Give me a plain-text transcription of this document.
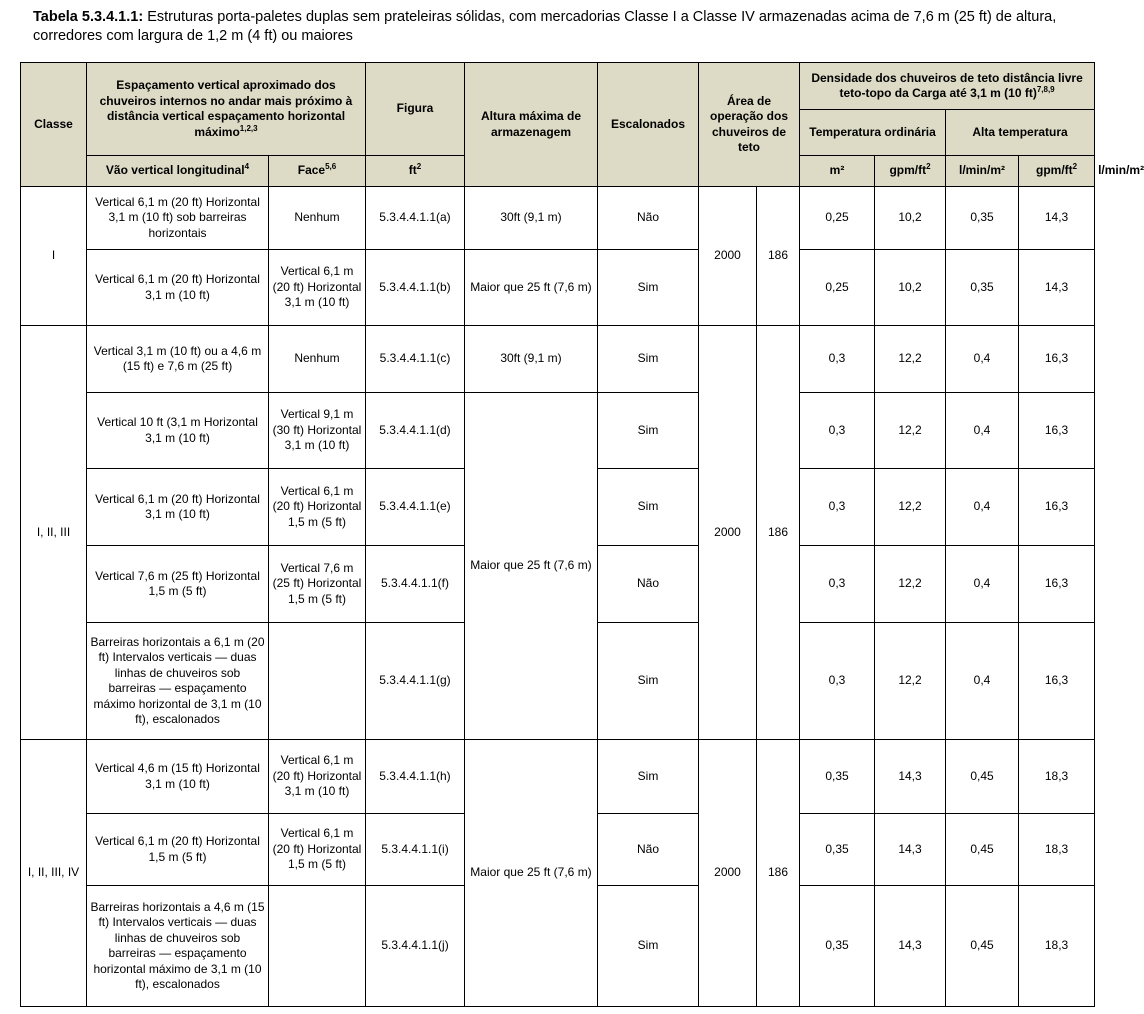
Tabela 5.3.4.1.1: Estruturas porta-paletes duplas sem prateleiras sólidas, com mercadorias Classe I a Classe IV armazenadas acima de 7,6 m (25 ft) de altura, corredores com largura de 1,2 m (4 ft) ou maiores
Classe	Espaçamento vertical aproximado dos chuveiros internos no andar mais próximo à distância vertical espaçamento horizontal máximo$^{1,2,3}$		Figura	Altura máxima de armazenagem	Escalonados	Área de operação dos chuveiros de teto		Densidade dos chuveiros de teto distância livre teto-topo da Carga até 3,1 m (10 ft)$^{7,8,9}$
								Temperatura ordinária		Alta temperatura		
	Vão vertical longitudinal$^4$	Face$^{5,6}$	$ft^2$					m²	gpm/$ft^2$	l/min/m²	gpm/$ft^2$	l/min/m²
I	Vertical 6,1 m (20 ft) Horizontal 3,1 m (10 ft) sob barreiras horizontais	Nenhum	5.3.4.4.1.1(a)	30ft (9,1 m)	Não	2000	186	0,25	10,2	0,35	14,3	
	Vertical 6,1 m (20 ft) Horizontal 3,1 m (10 ft)	Vertical 6,1 m (20 ft) Horizontal 3,1 m (10 ft)	5.3.4.4.1.1(b)	Maior que 25 ft (7,6 m)	Sim			0,25	10,2	0,35	14,3	
I, II, III	Vertical 3,1 m (10 ft) ou a 4,6 m (15 ft) e 7,6 m (25 ft)	Nenhum	5.3.4.4.1.1(c)	30ft (9,1 m)	Sim	2000	186	0,3	12,2	0,4	16,3	
	Vertical 10 ft (3,1 m Horizontal 3,1 m (10 ft)	Vertical 9,1 m (30 ft) Horizontal 3,1 m (10 ft)	5.3.4.4.1.1(d)	Maior que 25 ft (7,6 m)	Sim			0,3	12,2	0,4	16,3	
	Vertical 6,1 m (20 ft) Horizontal 3,1 m (10 ft)	Vertical 6,1 m (20 ft) Horizontal 1,5 m (5 ft)	5.3.4.4.1.1(e)		Sim			0,3	12,2	0,4	16,3	
	Vertical 7,6 m (25 ft) Horizontal 1,5 m (5 ft)	Vertical 7,6 m (25 ft) Horizontal 1,5 m (5 ft)	5.3.4.4.1.1(f)		Não			0,3	12,2	0,4	16,3	
	Barreiras horizontais a 6,1 m (20 ft) Intervalos verticais — duas linhas de chuveiros sob barreiras — espaçamento máximo horizontal de 3,1 m (10 ft), escalonados		5.3.4.4.1.1(g)		Sim			0,3	12,2	0,4	16,3	
I, II, III, IV	Vertical 4,6 m (15 ft) Horizontal 3,1 m (10 ft)	Vertical 6,1 m (20 ft) Horizontal 3,1 m (10 ft)	5.3.4.4.1.1(h)	Maior que 25 ft (7,6 m)	Sim	2000	186	0,35	14,3	0,45	18,3	
	Vertical 6,1 m (20 ft) Horizontal 1,5 m (5 ft)	Vertical 6,1 m (20 ft) Horizontal 1,5 m (5 ft)	5.3.4.4.1.1(i)		Não			0,35	14,3	0,45	18,3	
	Barreiras horizontais a 4,6 m (15 ft) Intervalos verticais — duas linhas de chuveiros sob barreiras — espaçamento horizontal máximo de 3,1 m (10 ft), escalonados		5.3.4.4.1.1(j)		Sim			0,35	14,3	0,45	18,3	
